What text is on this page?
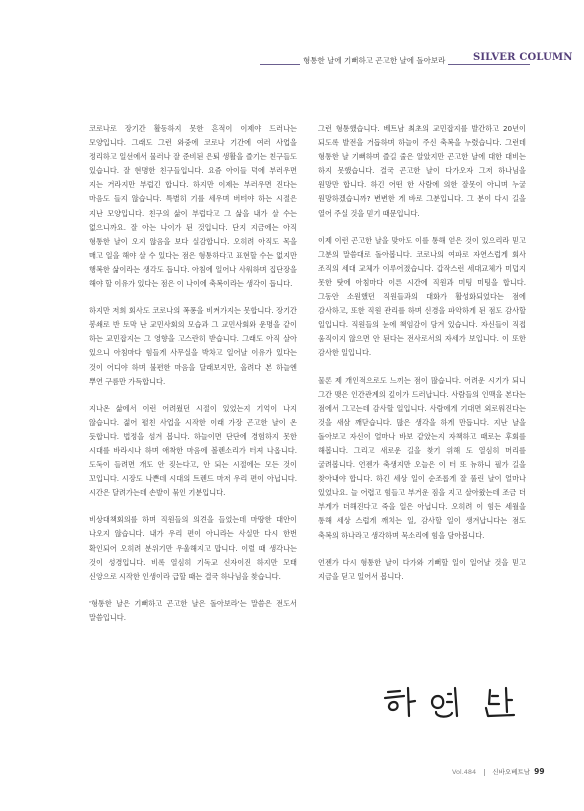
형통한 날에 기뻐하고 곤고한 날에 돌아보라	SILVER COLUMN

코로나로 장기간 활동하지 못한 흔적이 이제야 드러나는 모양입니다. 그래도 그런 와중에 코로나 기간에 여러 사업을 정리하고 일선에서 물러나 잘 준비된 은퇴 생활을 즐기는 친구들도 있습니다. 잘 현명한 친구들입니다. 요즘 아이들 덕에 부러우면 지는 거라지만 부럽긴 합니다. 하지만 이제는 부러우면 진다는 마음도 들지 않습니다. 특별히 기를 세우며 버텨야 하는 시절은 지난 모양입니다. 친구의 삶이 부럽다고 그 삶을 내가 살 수는 없으니까요. 잘 아는 나이가 된 것입니다. 단지 지금에는 아직 형통한 날이 오지 않음을 보다 실감합니다. 오히려 아직도 목을 매고 일을 해야 살 수 있다는 점은 형통하다고 표현할 수는 없지만 행복한 삶이라는 생각도 듭니다. 아침에 일어나 사워하며 집단장을 해야 할 이유가 있다는 점은 이 나이에 축복이라는 생각이 듭니다.

하지만 저희 회사도 코로나의 폭퐁을 비켜가지는 못합니다. 장기간 봉쇄로 반 토막 난 교민사회의 모습과 그 교민사회와 운명을 같이 하는 교민잡지는 그 영향을 고스란히 받습니다. 그래도 아직 살아 있으니 아침마다 힘들게 사무실을 박차고 일어날 이유가 있다는 것이 어디야 하며 불편한 마음을 달래보지만, 올려다 본 하늘엔 뿌연 구름만 가득합니다.

지나온 삶에서 이런 어려웠던 시절이 있었는지 기억이 나지 않습니다. 젊어 펼친 사업을 시작한 이래 가장 곤고한 날이 온 듯합니다. 법정을 섬겨 봅니다. 하늘이면 단단에 경험하지 못한 시대를 바라시나 하며 애착한 마음에 볼렌소리가 터져 나옵니다. 도둑이 들려면 개도 안 짖는다고, 안 되는 시절에는 모든 것이 꼬입니다. 시장도 나쁜데 시대의 트렌드 마저 우리 편이 아닙니다. 시간은 달려가는데 손발이 묶인 기분입니다.

비상대책회의를 하며 직원들의 의견을 들었는데 마땅한 대안이 나오지 않습니다. 내가 우리 편이 아니라는 사실만 다시 한번 확인되어 오히려 분위기만 우울해지고 맙니다. 이럴 때 생각나는 것이 성경입니다. 비록 열심히 기독교 신자이진 하지만 모태 신앙으로 시작한 인생이라 급할 때는 결국 하나님을 찾습니다.

'형통한 날은 기뻐하고 곤고한 날은 돌아보라'는 말씀은 전도서 말씀입니다.

그런 형통했습니다. 베트남 최초의 교민잡지를 발간하고 20년이 되도록 발전을 거듭하며 하늘이 주신 축복을 누렸습니다. 그런데 형통한 날 기뻐하며 즐길 줄은 알았지만 곤고한 날에 대한 대비는 하지 못했습니다. 결국 곤고한 날이 다가오자 그저 하나님을 원망만 합니다. 하긴 어떤 한 사람에 의한 잘못이 아니며 누굴 원망하겠습니까? 변변한 게 바로 그분입니다. 그 분이 다시 길을 열어 주실 것을 믿기 때문입니다.

이제 이런 곤고한 날을 맞아도 이를 통해 얻은 것이 있으리라 믿고 그분의 말씀대로 돌아봅니다. 코로나의 여파로 자연스럽게 회사 조직의 세대 교체가 이루어졌습니다. 갑작스런 세대교체가 미덥지 못한 탓에 아침마다 이른 시간에 직원과 미팅 미팅을 합니다. 그동안 소원했던 직원들과의 대화가 활성화되었다는 점에 감사하고, 또한 직원 관리를 하며 신경을 파악하게 된 점도 감사할 일입니다. 직원들의 눈에 책임감이 담겨 있습니다. 자신들이 직접 움직이지 않으면 안 된다는 전사로서의 자세가 보입니다. 이 또한 감사한 일입니다.

물론 제 개인적으로도 느끼는 점이 많습니다. 어려운 시기가 되니 그간 맺은 인간관계의 깊이가 드러납니다. 사람들의 인맥을 본다는 점에서 그고는데 감사할 일입니다. 사람에게 기대면 외로워진다는 것을 새삼 깨닫습니다. 많은 생각을 하게 만듭니다. 지난 날을 돌아보고 자신이 얼마나 바보 같았는지 자책하고 때로는 후회를 해봅니다. 그리고 새로운 길을 찾기 위해 도 열심히 머리를 굴려봅니다. 언젠가 축생지만 오늘은 이 터 또 뉴하니 필가 길을 찾아내야 합니다. 하긴 세상 일이 순조롭게 잘 풀린 날이 얼마나 있었나요. 늘 어렵고 힘들고 부거운 짐을 지고 살아왔는데 조금 더 부게가 더해진다고 죽을 일은 아닙니다. 오히려 이 힘든 세월을 통해 세상 스럽게 깨치는 일, 감사할 일이 생겨납니다는 점도 축복의 하나라고 생각하며 묵소리에 힘을 담아봅니다.

언젠가 다시 형통한 날이 다가와 기뻐할 일이 일어날 것을 믿고 지금을 딛고 일어서 봅니다.

Vol.484 신바오베트남 99
